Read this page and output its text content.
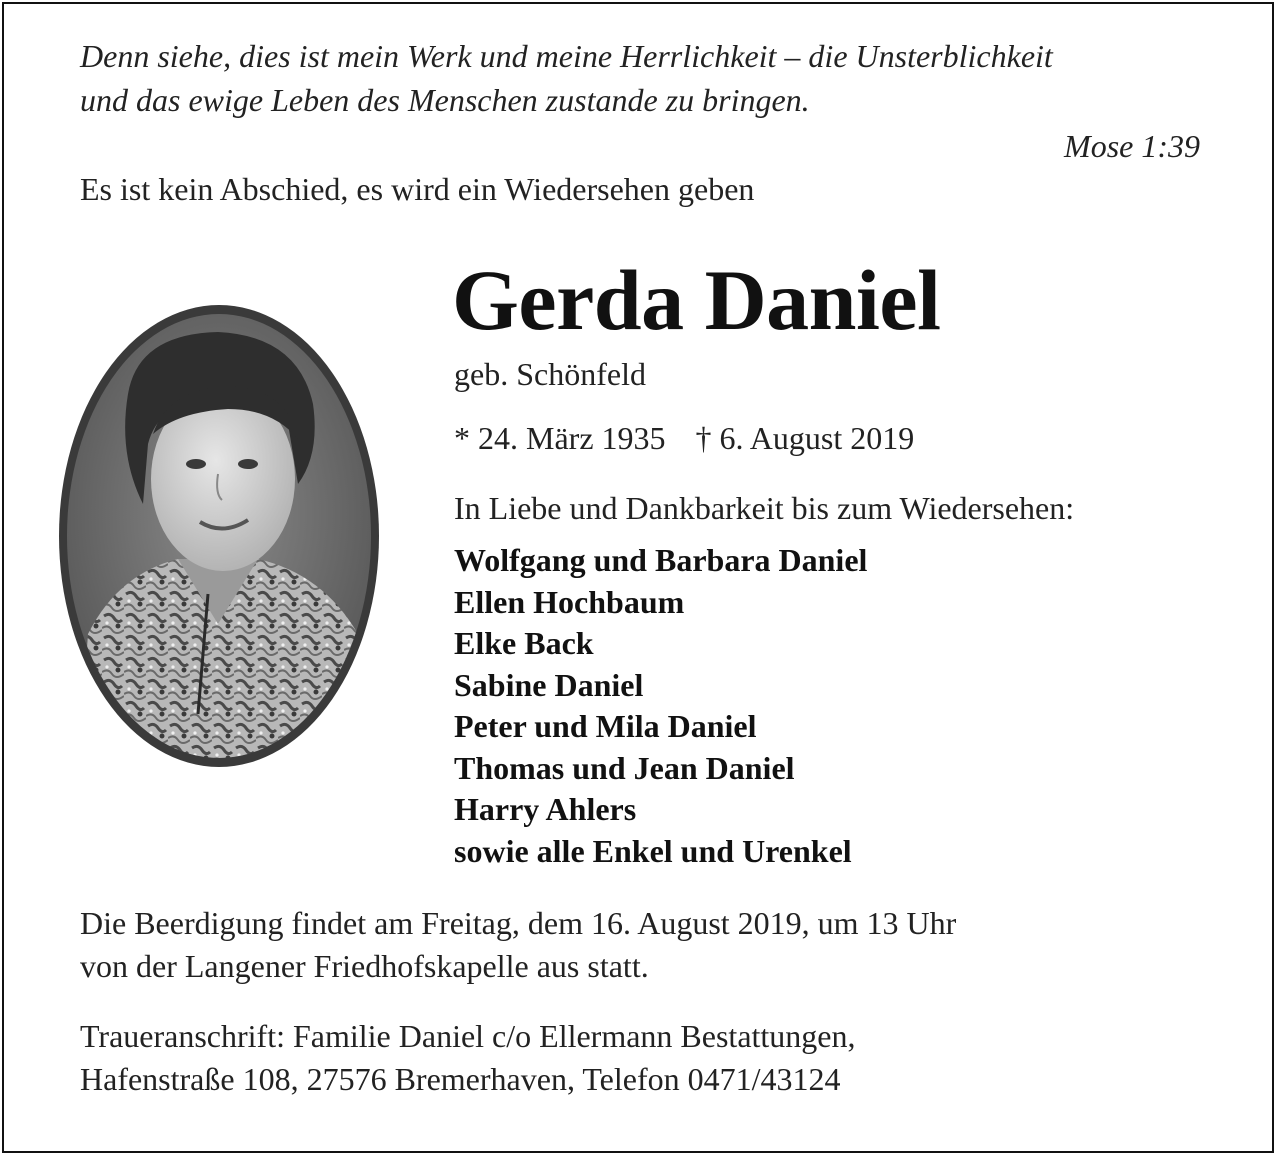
Denn siehe, dies ist mein Werk und meine Herrlichkeit – die Unsterblichkeit
und das ewige Leben des Menschen zustande zu bringen.
Mose 1:39
Es ist kein Abschied, es wird ein Wiedersehen geben
Gerda Daniel
geb. Schönfeld
* 24. März 1935 † 6. August 2019
In Liebe und Dankbarkeit bis zum Wiedersehen:
Wolfgang und Barbara Daniel
Ellen Hochbaum
Elke Back
Sabine Daniel
Peter und Mila Daniel
Thomas und Jean Daniel
Harry Ahlers
sowie alle Enkel und Urenkel
Die Beerdigung findet am Freitag, dem 16. August 2019, um 13 Uhr
von der Langener Friedhofskapelle aus statt.
Traueranschrift: Familie Daniel c/o Ellermann Bestattungen,
Hafenstraße 108, 27576 Bremerhaven, Telefon 0471/43124
